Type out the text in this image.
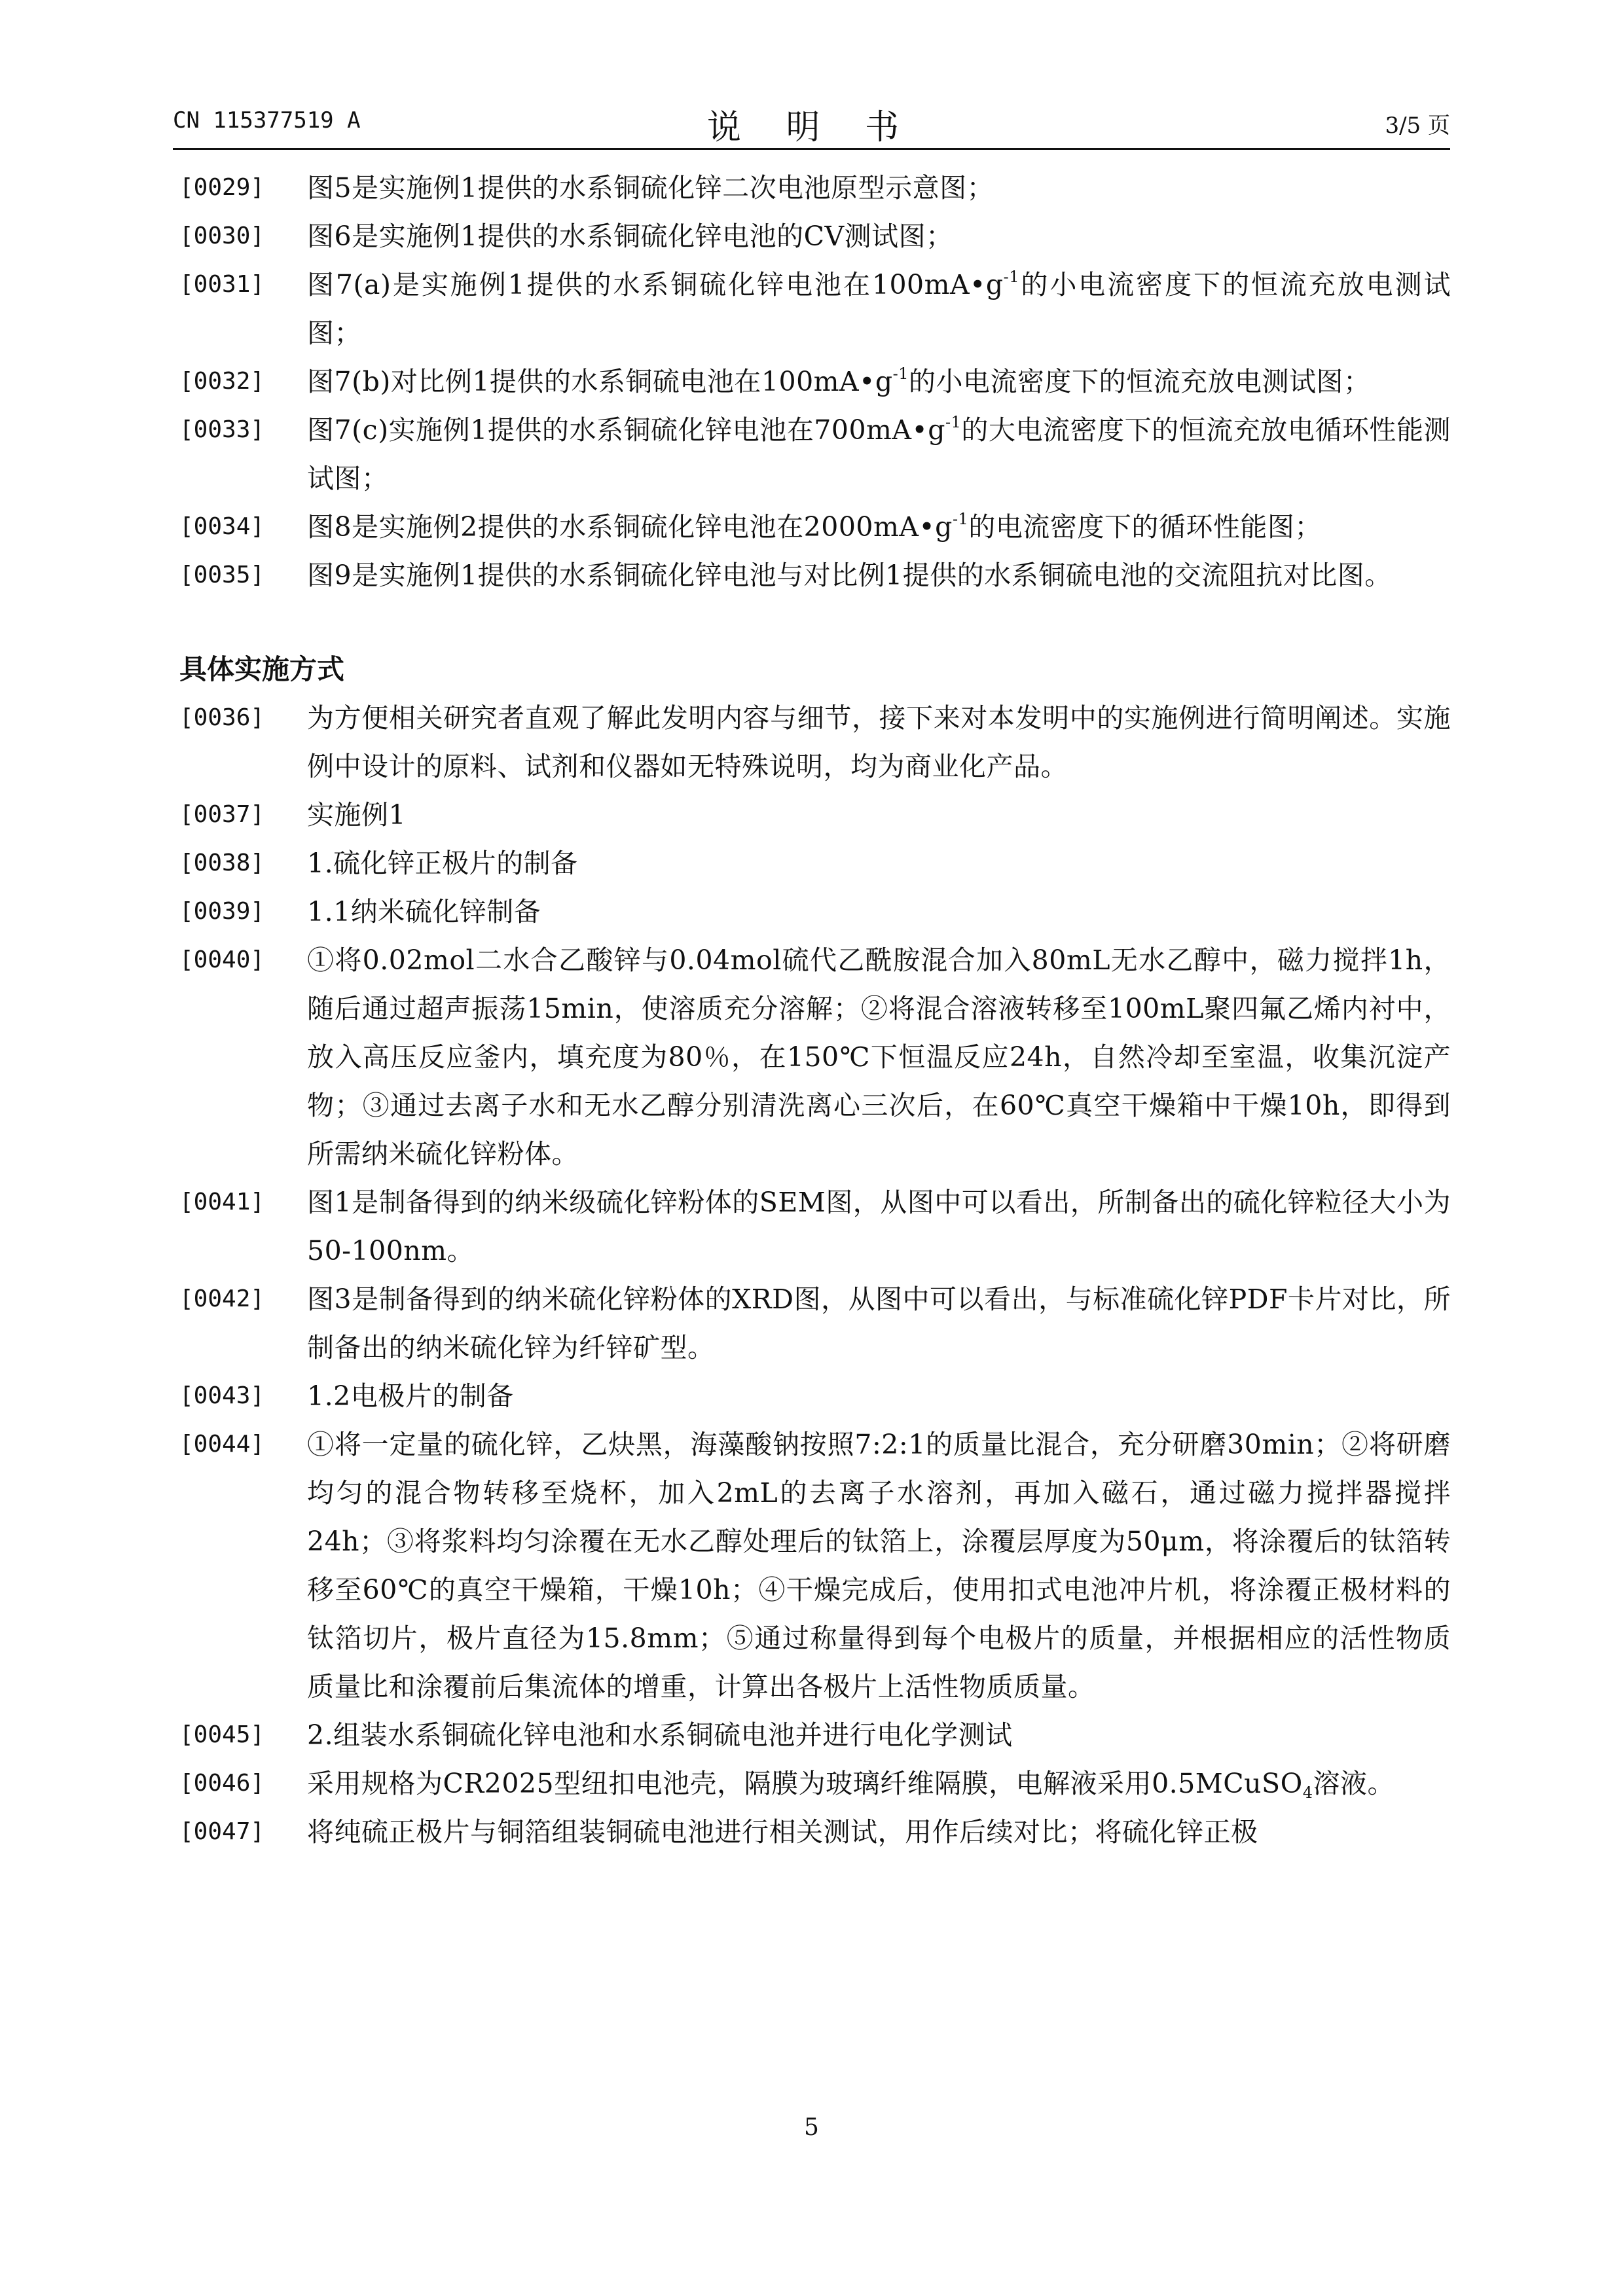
CN 115377519 A	说 明 书	3/5 页
[0029] 图5是实施例1提供的水系铜硫化锌二次电池原型示意图；
[0030] 图6是实施例1提供的水系铜硫化锌电池的CV测试图；
[0031] 图7(a)是实施例1提供的水系铜硫化锌电池在$100mA•g^{-1}$的小电流密度下的恒流充放电测试图；
[0032] 图7(b)对比例1提供的水系铜硫电池在$100mA•g^{-1}$的小电流密度下的恒流充放电测试图；
[0033] 图7(c)实施例1提供的水系铜硫化锌电池在$700mA•g^{-1}$的大电流密度下的恒流充放电循环性能测试图；
[0034] 图8是实施例2提供的水系铜硫化锌电池在$2000mA•g^{-1}$的电流密度下的循环性能图；
[0035] 图9是实施例1提供的水系铜硫化锌电池与对比例1提供的水系铜硫电池的交流阻抗对比图。
具体实施方式
[0036] 为方便相关研究者直观了解此发明内容与细节，接下来对本发明中的实施例进行简明阐述。实施例中设计的原料、试剂和仪器如无特殊说明，均为商业化产品。
[0037] 实施例1
[0038] 1.硫化锌正极片的制备
[0039] 1.1纳米硫化锌制备
[0040] ①将0.02mol二水合乙酸锌与0.04mol硫代乙酰胺混合加入80mL无水乙醇中，磁力搅拌1h，随后通过超声振荡15min，使溶质充分溶解；②将混合溶液转移至100mL聚四氟乙烯内衬中，放入高压反应釜内，填充度为80％，在150℃下恒温反应24h，自然冷却至室温，收集沉淀产物；③通过去离子水和无水乙醇分别清洗离心三次后，在60℃真空干燥箱中干燥10h，即得到所需纳米硫化锌粉体。
[0041] 图1是制备得到的纳米级硫化锌粉体的SEM图，从图中可以看出，所制备出的硫化锌粒径大小为50-100nm。
[0042] 图3是制备得到的纳米硫化锌粉体的XRD图，从图中可以看出，与标准硫化锌PDF卡片对比，所制备出的纳米硫化锌为纤锌矿型。
[0043] 1.2电极片的制备
[0044] ①将一定量的硫化锌，乙炔黑，海藻酸钠按照7:2:1的质量比混合，充分研磨30min；②将研磨均匀的混合物转移至烧杯，加入2mL的去离子水溶剂，再加入磁石，通过磁力搅拌器搅拌24h；③将浆料均匀涂覆在无水乙醇处理后的钛箔上，涂覆层厚度为50μm，将涂覆后的钛箔转移至60℃的真空干燥箱，干燥10h；④干燥完成后，使用扣式电池冲片机，将涂覆正极材料的钛箔切片，极片直径为15.8mm；⑤通过称量得到每个电极片的质量，并根据相应的活性物质质量比和涂覆前后集流体的增重，计算出各极片上活性物质质量。
[0045] 2.组装水系铜硫化锌电池和水系铜硫电池并进行电化学测试
[0046] 采用规格为CR2025型纽扣电池壳，隔膜为玻璃纤维隔膜，电解液采用0.5MCuSO$_4$溶液。
[0047] 将纯硫正极片与铜箔组装铜硫电池进行相关测试，用作后续对比；将硫化锌正极
5
